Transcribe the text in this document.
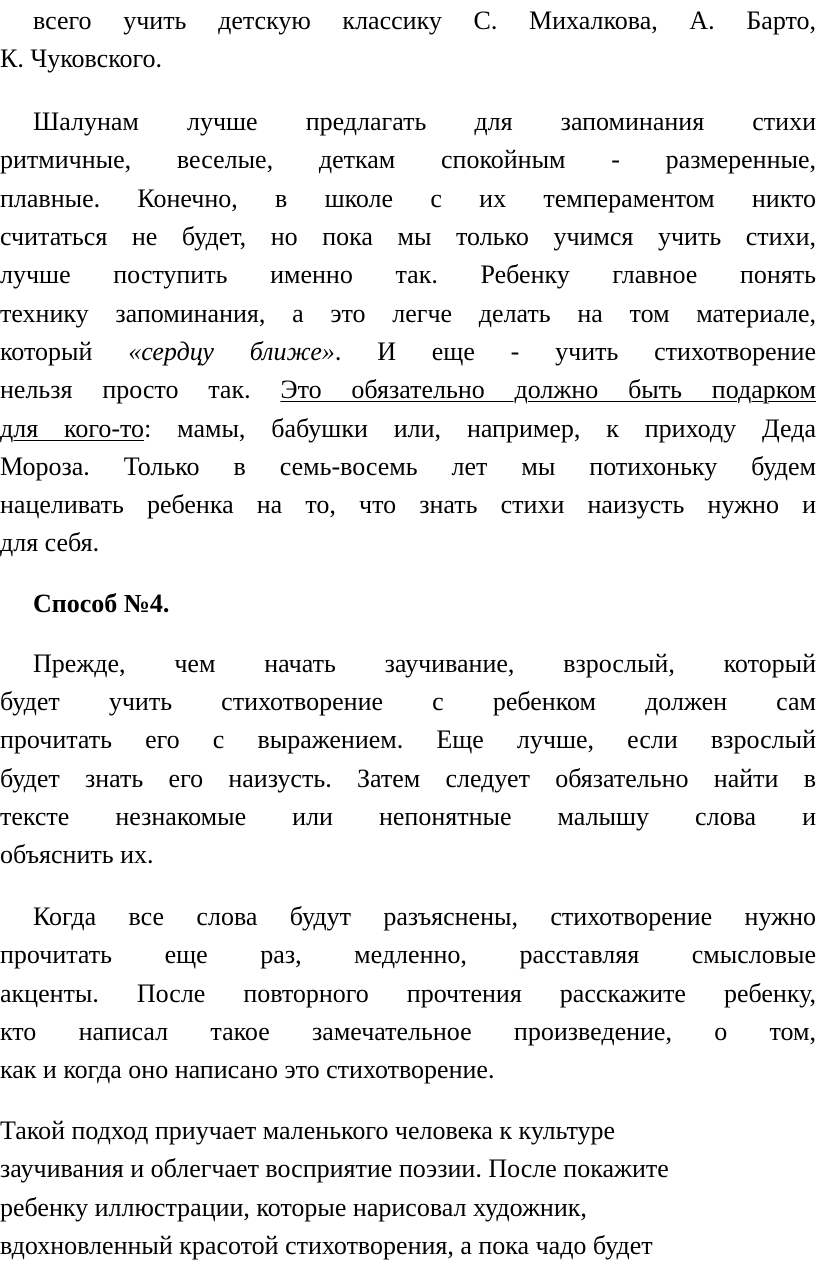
всего учить детскую классику С. Михалкова, А. Барто,
К. Чуковского.
Шалунам лучше предлагать для запоминания стихи
ритмичные, веселые, деткам спокойным - размеренные,
плавные. Конечно, в школе с их темпераментом никто
считаться не будет, но пока мы только учимся учить стихи,
лучше поступить именно так. Ребенку главное понять
технику запоминания, а это легче делать на том материале,
который «сердцу ближе». И еще - учить стихотворение
нельзя просто так. Это обязательно должно быть подарком
для кого-то: мамы, бабушки или, например, к приходу Деда
Мороза. Только в семь-восемь лет мы потихоньку будем
нацеливать ребенка на то, что знать стихи наизусть нужно и
для себя.
Способ №4.
Прежде, чем начать заучивание, взрослый, который
будет учить стихотворение с ребенком должен сам
прочитать его с выражением. Еще лучше, если взрослый
будет знать его наизусть. Затем следует обязательно найти в
тексте незнакомые или непонятные малышу слова и
объяснить их.
Когда все слова будут разъяснены, стихотворение нужно
прочитать еще раз, медленно, расставляя смысловые
акценты. После повторного прочтения расскажите ребенку,
кто написал такое замечательное произведение, о том,
как и когда оно написано это стихотворение.
Такой подход приучает маленького человека к культуре
заучивания и облегчает восприятие поэзии. После покажите
ребенку иллюстрации, которые нарисовал художник,
вдохновленный красотой стихотворения, а пока чадо будет
